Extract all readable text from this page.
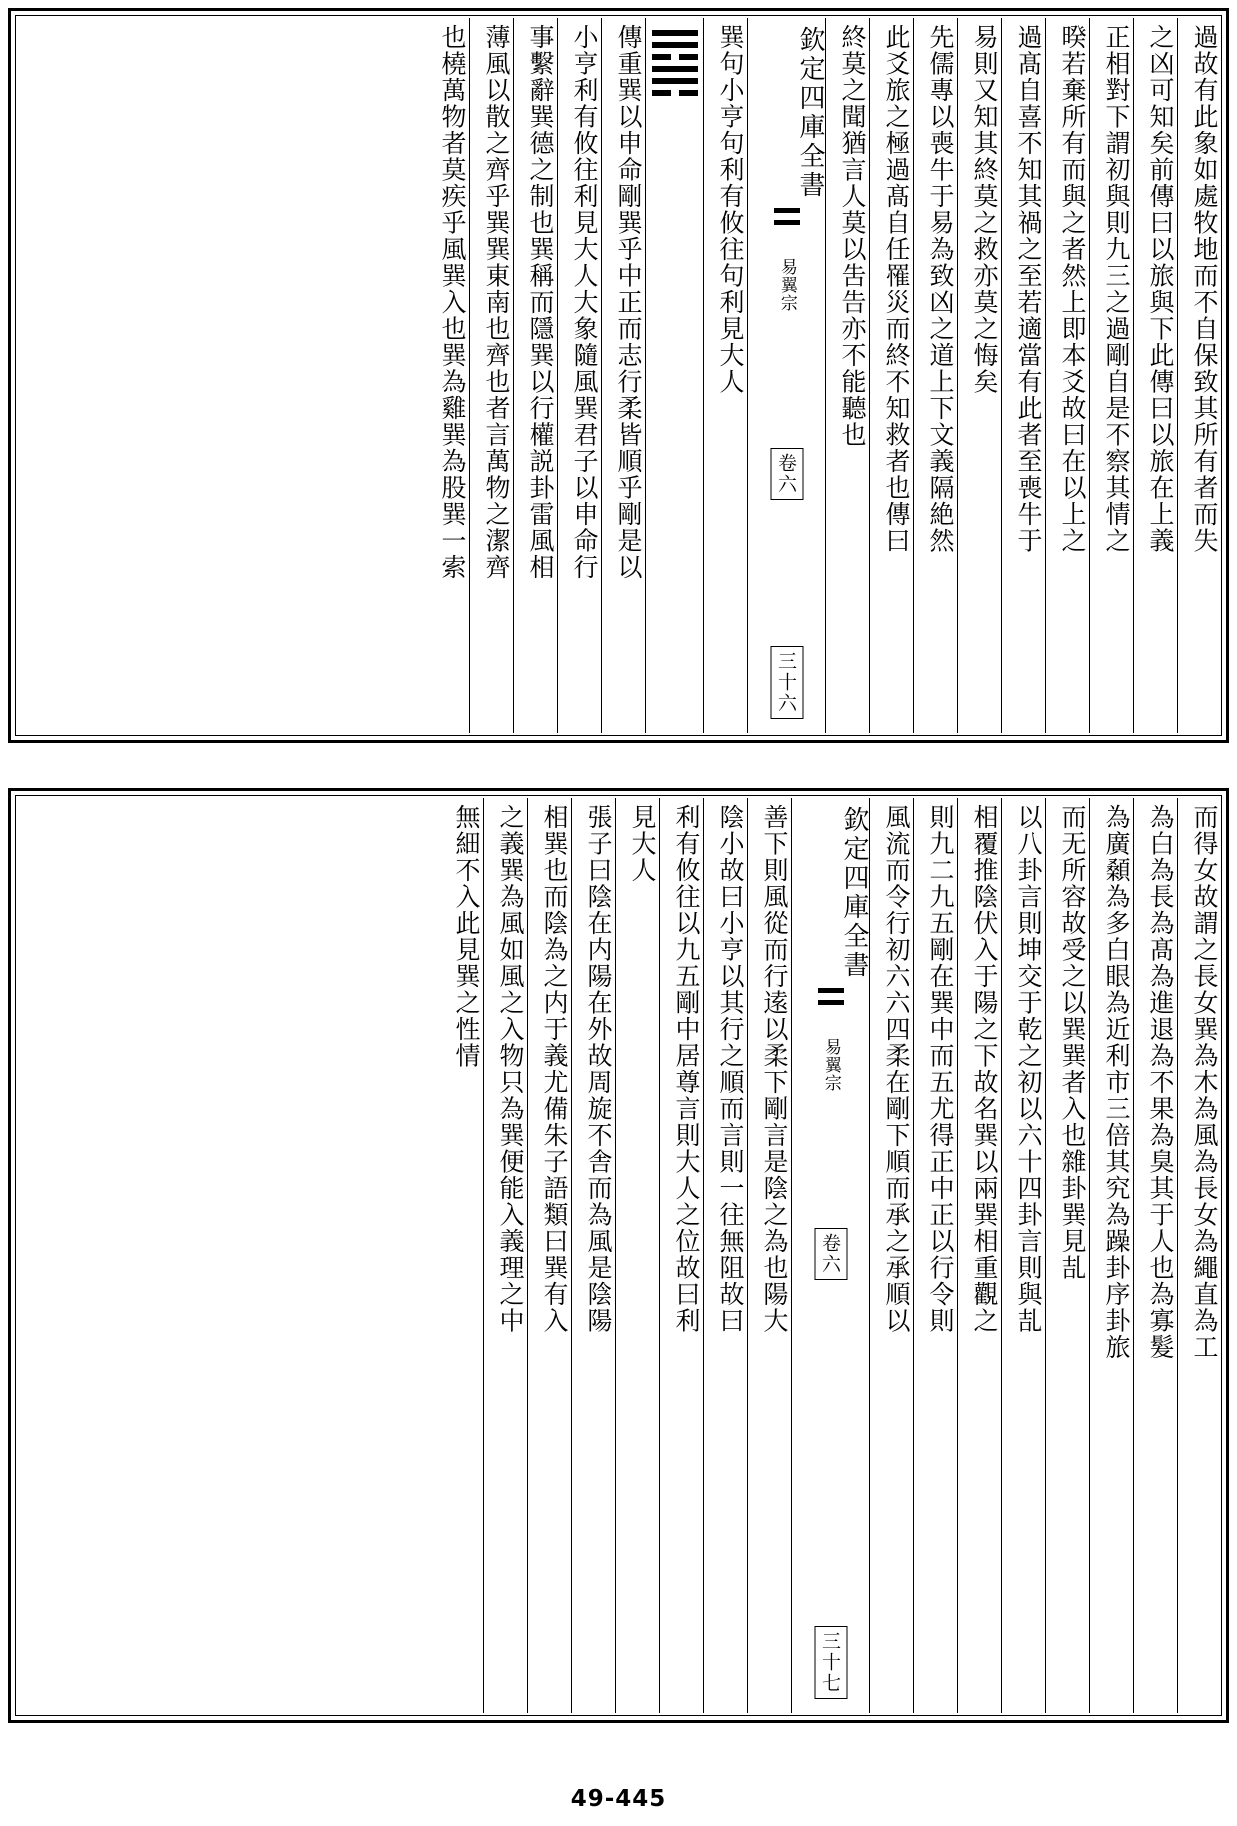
過故有此象如處牧地而不自保致其所有者而失
之凶可知矣前傳曰以旅與下此傳曰以旅在上義
正相對下謂初與則九三之過剛自是不察其情之
暌若棄所有而與之者然上即本爻故曰在以上之
過髙自喜不知其禍之至若適當有此者至喪牛于
易則又知其終莫之救亦莫之悔矣
先儒專以喪牛于易為致凶之道上下文義隔絶然
此爻旅之極過髙自任罹災而終不知救者也傳曰
終莫之聞猶言人莫以吿告亦不能聽也
欽定四庫全書
易翼宗
卷六
三十六
巽句小亨句利有攸往句利見大人
傳重巽以申命剛巽乎中正而志行柔皆順乎剛是以
小亨利有攸往利見大人大象隨風巽君子以申命行
事繫辭巽德之制也巽稱而隱巽以行權説卦雷風相
薄風以散之齊乎巽巽東南也齊也者言萬物之潔齊
也橈萬物者莫疾乎風巽入也巽為雞巽為股巽一索
而得女故謂之長女巽為木為風為長女為繩直為工
為白為長為髙為進退為不果為臭其于人也為寡髮
為廣顙為多白眼為近利市三倍其究為躁卦序卦旅
而无所容故受之以巽巽者入也雜卦巽見㐖
以八卦言則坤交于乾之初以六十四卦言則與㐖
相覆推陰伏入于陽之下故名巽以兩巽相重觀之
則九二九五剛在巽中而五尤得正中正以行令則
風流而令行初六六四柔在剛下順而承之承順以
欽定四庫全書
易翼宗
卷六
三十七
善下則風從而行逺以柔下剛言是陰之為也陽大
陰小故曰小亨以其行之順而言則一往無阻故曰
利有攸往以九五剛中居尊言則大人之位故曰利
見大人
張子曰陰在内陽在外故周旋不舎而為風是陰陽
相巽也而陰為之内于義尤備朱子語類曰巽有入
之義巽為風如風之入物只為巽便能入義理之中
無細不入此見巽之性情
49-445
